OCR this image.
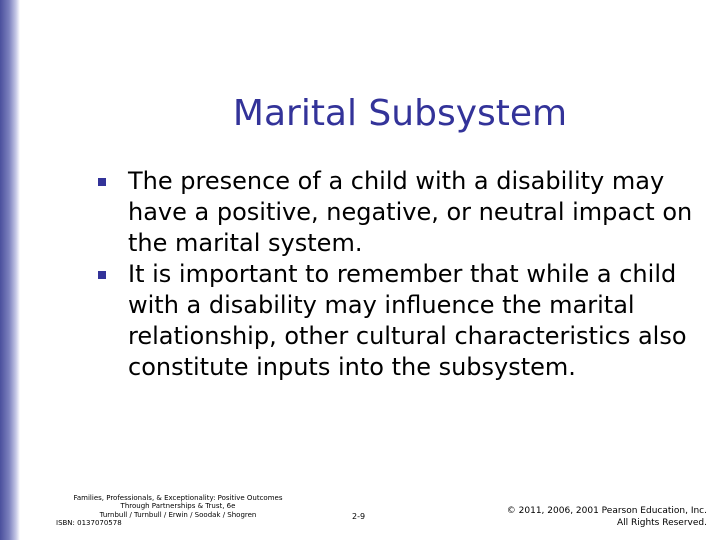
Marital Subsystem
The presence of a child with a disability may have a positive, negative, or neutral impact on the marital system.
It is important to remember that while a child with a disability may influence the marital relationship, other cultural characteristics also constitute inputs into the subsystem.
Families, Professionals, & Exceptionality: Positive Outcomes
Through Partnerships & Trust, 6e
Turnbull / Turnbull / Erwin / Soodak / Shogren
ISBN: 0137070578
2-9
© 2011, 2006, 2001 Pearson Education, Inc.
All Rights Reserved.
